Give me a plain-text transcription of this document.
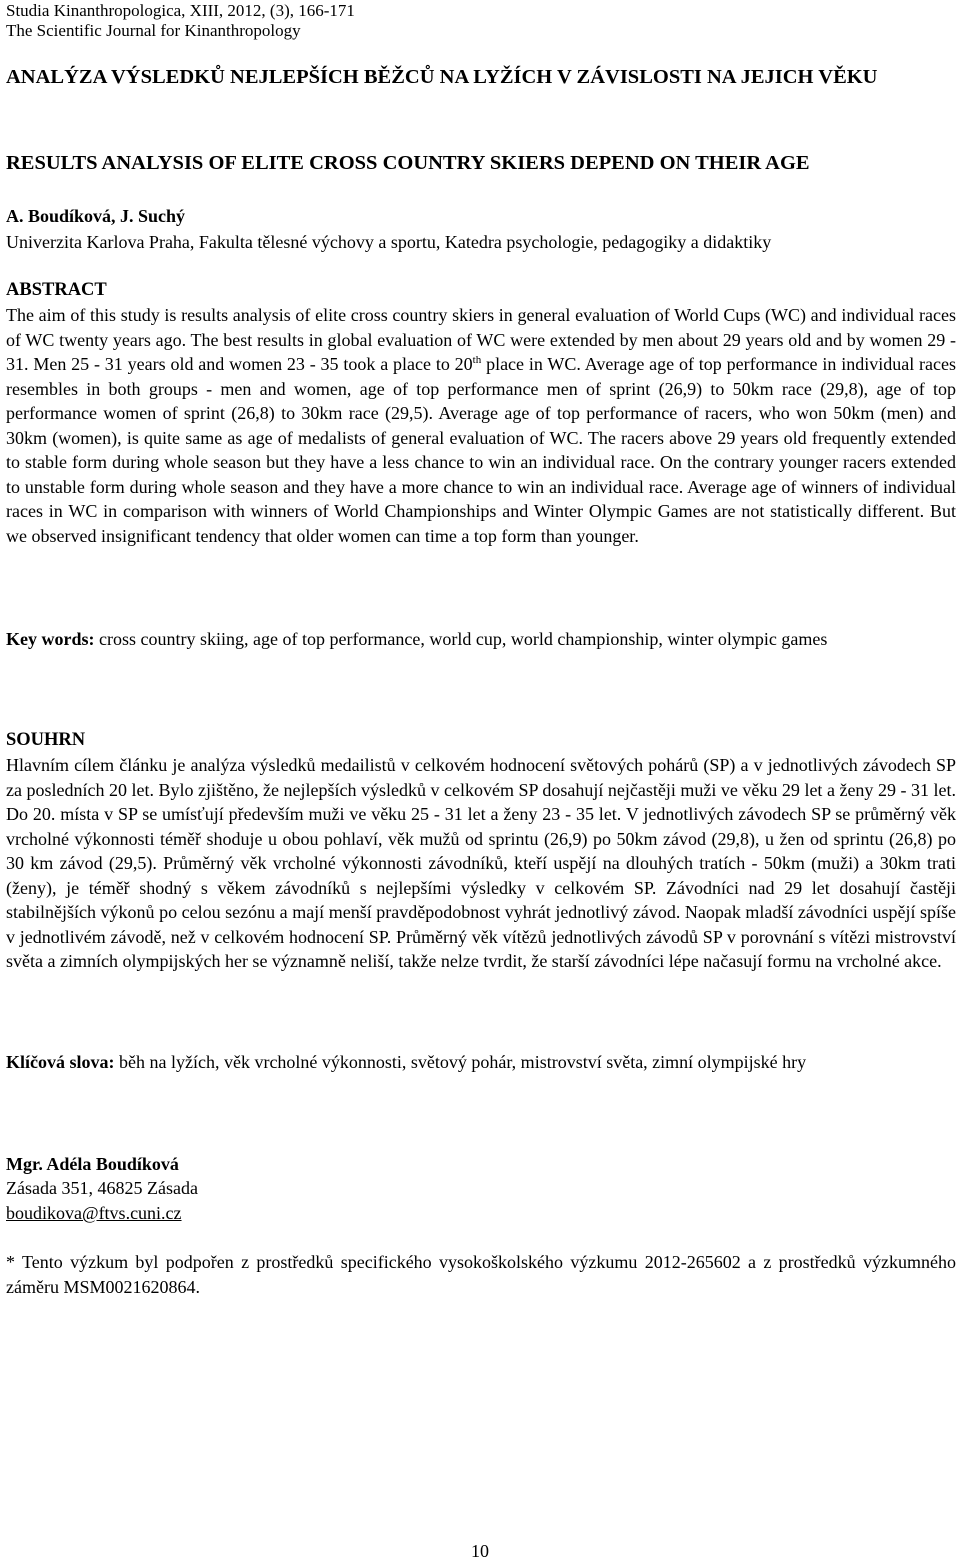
Studia Kinanthropologica, XIII, 2012, (3), 166-171
The Scientific Journal for Kinanthropology
ANALÝZA VÝSLEDKŮ NEJLEPŠÍCH BĚŽCŮ NA LYŽÍCH V ZÁVISLOSTI NA JEJICH VĚKU
RESULTS ANALYSIS OF ELITE CROSS COUNTRY SKIERS DEPEND ON THEIR AGE
A. Boudíková, J. Suchý
Univerzita Karlova Praha, Fakulta tělesné výchovy a sportu, Katedra psychologie, pedagogiky a didaktiky
ABSTRACT
The aim of this study is results analysis of elite cross country skiers in general evaluation of World Cups (WC) and individual races of WC twenty years ago. The best results in global evaluation of WC were extended by men about 29 years old and by women 29 - 31. Men 25 - 31 years old and women 23 - 35 took a place to 20th place in WC. Average age of top performance in individual races resembles in both groups - men and women, age of top performance men of sprint (26,9) to 50km race (29,8), age of top performance women of sprint (26,8) to 30km race (29,5). Average age of top performance of racers, who won 50km (men) and 30km (women), is quite same as age of medalists of general evaluation of WC. The racers above 29 years old frequently extended to stable form during whole season but they have a less chance to win an individual race. On the contrary younger racers extended to unstable form during whole season and they have a more chance to win an individual race. Average age of winners of individual races in WC in comparison with winners of World Championships and Winter Olympic Games are not statistically different. But we observed insignificant tendency that older women can time a top form than younger.
Key words: cross country skiing, age of top performance, world cup, world championship, winter olympic games
SOUHRN
Hlavním cílem článku je analýza výsledků medailistů v celkovém hodnocení světových pohárů (SP) a v jednotlivých závodech SP za posledních 20 let. Bylo zjištěno, že nejlepších výsledků v celkovém SP dosahují nejčastěji muži ve věku 29 let a ženy 29 - 31 let. Do 20. místa v SP se umísťují především muži ve věku 25 - 31 let a ženy 23 - 35 let. V jednotlivých závodech SP se průměrný věk vrcholné výkonnosti téměř shoduje u obou pohlaví, věk mužů od sprintu (26,9) po 50km závod (29,8), u žen od sprintu (26,8) po 30 km závod (29,5). Průměrný věk vrcholné výkonnosti závodníků, kteří uspějí na dlouhých tratích - 50km (muži) a 30km trati (ženy), je téměř shodný s věkem závodníků s nejlepšími výsledky v celkovém SP. Závodníci nad 29 let dosahují častěji stabilnějších výkonů po celou sezónu a mají menší pravděpodobnost vyhrát jednotlivý závod. Naopak mladší závodníci uspějí spíše v jednotlivém závodě, než v celkovém hodnocení SP. Průměrný věk vítězů jednotlivých závodů SP v porovnání s vítězi mistrovství světa a zimních olympijských her se významně neliší, takže nelze tvrdit, že starší závodníci lépe načasují formu na vrcholné akce.
Klíčová slova: běh na lyžích, věk vrcholné výkonnosti, světový pohár, mistrovství světa, zimní olympijské hry
Mgr. Adéla Boudíková
Zásada 351, 46825 Zásada
boudikova@ftvs.cuni.cz
* Tento výzkum byl podpořen z prostředků specifického vysokoškolského výzkumu 2012-265602 a z prostředků výzkumného záměru MSM0021620864.
10
